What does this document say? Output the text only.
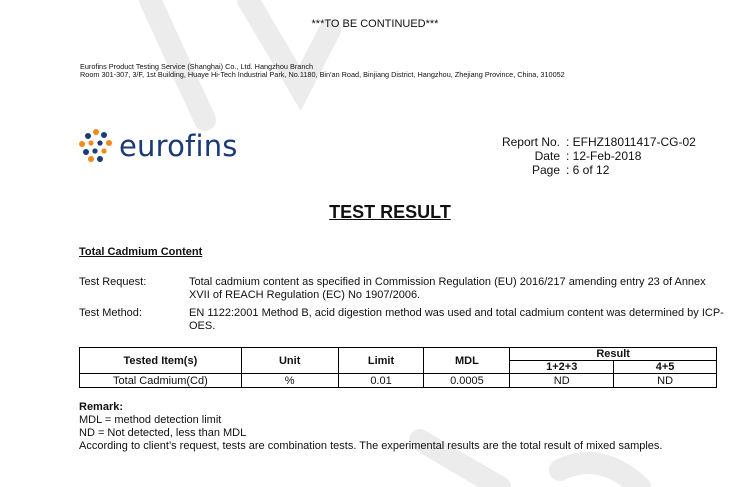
***TO BE CONTINUED***
Eurofins Product Testing Service (Shanghai) Co., Ltd. Hangzhou Branch
Room 301-307, 3/F, 1st Building, Huaye Hi-Tech Industrial Park, No.1180, Bin'an Road, Binjiang District, Hangzhou, Zhejiang Province, China, 310052
eurofins	Report No. : EFHZ18011417-CG-02
Date : 12-Feb-2018
Page : 6 of 12
TEST RESULT
Total Cadmium Content
Test Request:	Total cadmium content as specified in Commission Regulation (EU) 2016/217 amending entry 23 of Annex XVII of REACH Regulation (EC) No 1907/2006.
Test Method:	EN 1122:2001 Method B, acid digestion method was used and total cadmium content was determined by ICP-OES.
Tested Item(s)	Unit	Limit	MDL	Result	
				1+2+3	4+5
Total Cadmium(Cd)	%	0.01	0.0005	ND	ND

Remark:

MDL = method detection limit

ND = Not detected, less than MDL

According to client’s request, tests are combination tests. The experimental results are the total result of mixed samples.
